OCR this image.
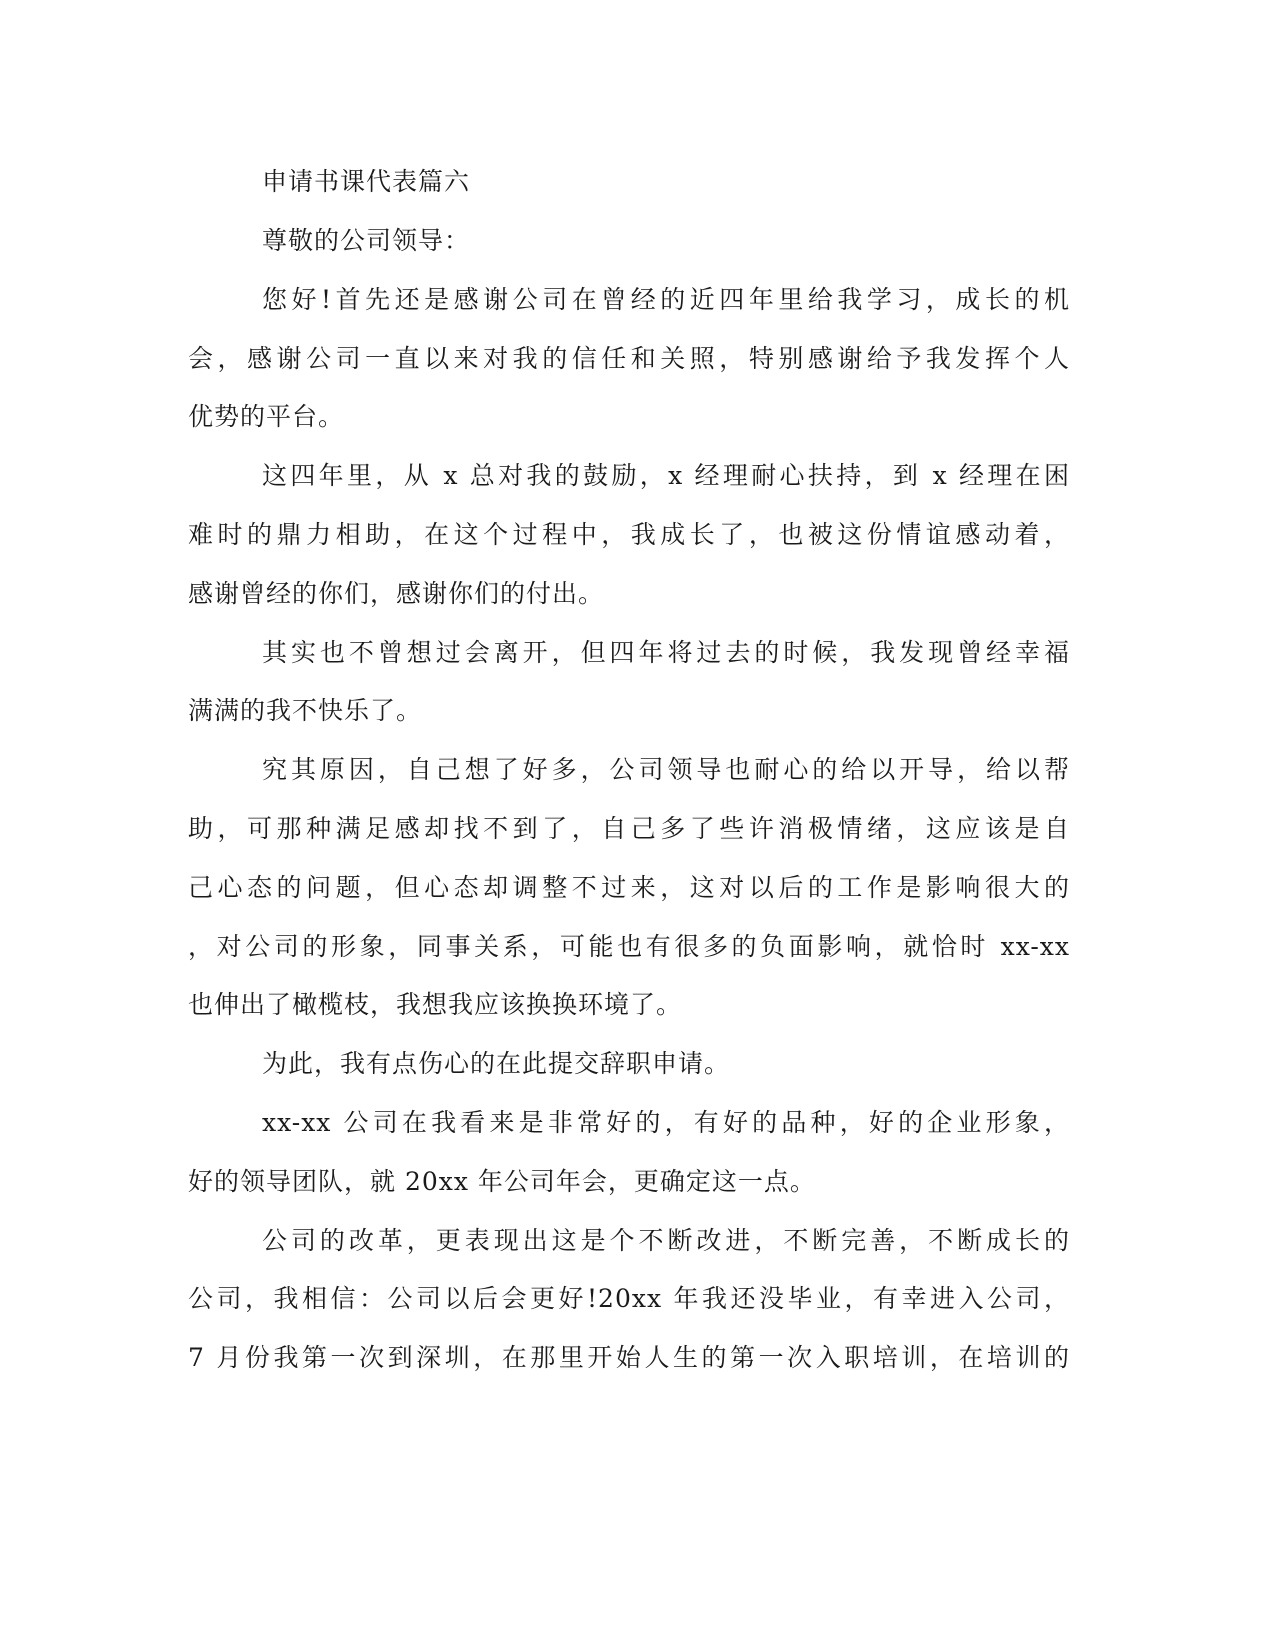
申请书课代表篇六

尊敬的公司领导：

您好!首先还是感谢公司在曾经的近四年里给我学习，成长的机

会，感谢公司一直以来对我的信任和关照，特别感谢给予我发挥个人

优势的平台。

这四年里，从 x 总对我的鼓励，x 经理耐心扶持，到 x 经理在困

难时的鼎力相助，在这个过程中，我成长了，也被这份情谊感动着，

感谢曾经的你们，感谢你们的付出。

其实也不曾想过会离开，但四年将过去的时候，我发现曾经幸福

满满的我不快乐了。

究其原因，自己想了好多，公司领导也耐心的给以开导，给以帮

助，可那种满足感却找不到了，自己多了些许消极情绪，这应该是自

己心态的问题，但心态却调整不过来，这对以后的工作是影响很大的

，对公司的形象，同事关系，可能也有很多的负面影响，就恰时 xx-xx

也伸出了橄榄枝，我想我应该换换环境了。

为此，我有点伤心的在此提交辞职申请。

xx-xx 公司在我看来是非常好的，有好的品种，好的企业形象，

好的领导团队，就 20xx 年公司年会，更确定这一点。

公司的改革，更表现出这是个不断改进，不断完善，不断成长的

公司，我相信：公司以后会更好!20xx 年我还没毕业，有幸进入公司，

7 月份我第一次到深圳，在那里开始人生的第一次入职培训，在培训的
